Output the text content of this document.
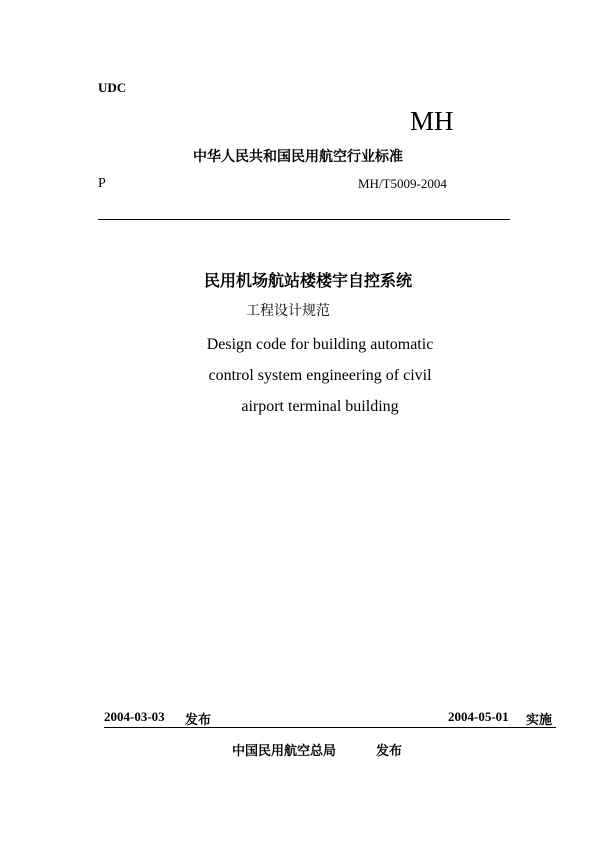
UDC
MH
中华人民共和国民用航空行业标准
P	MH/T5009-2004
民用机场航站楼楼宇自控系统
工程设计规范
Design code for building automatic
control system engineering of civil
airport terminal building
2004-03-03 发布	2004-05-01 实施
中国民用航空总局	发布
